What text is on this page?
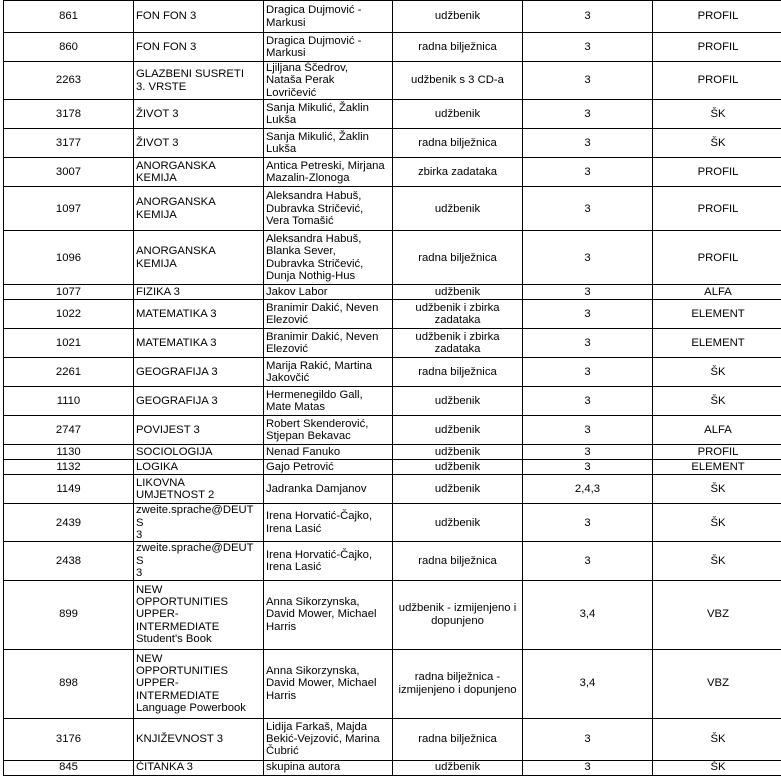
861	FON FON 3	Dragica Dujmović -
Markusi	udžbenik	3	PROFIL
860	FON FON 3	Dragica Dujmović -
Markusi	radna bilježnica	3	PROFIL
2263	GLAZBENI SUSRETI
3. VRSTE	Ljiljana Ščedrov,
Nataša Perak
Lovričević	udžbenik s 3 CD-a	3	PROFIL
3178	ŽIVOT 3	Sanja Mikulić, Žaklin
Lukša	udžbenik	3	ŠK
3177	ŽIVOT 3	Sanja Mikulić, Žaklin
Lukša	radna bilježnica	3	ŠK
3007	ANORGANSKA
KEMIJA	Antica Petreski, Mirjana
Mazalin-Zlonoga	zbirka zadataka	3	PROFIL
1097	ANORGANSKA
KEMIJA	Aleksandra Habuš,
Dubravka Stričević,
Vera Tomašić	udžbenik	3	PROFIL
1096	ANORGANSKA
KEMIJA	Aleksandra Habuš,
Blanka Sever,
Dubravka Stričević,
Dunja Nothig-Hus	radna bilježnica	3	PROFIL
1077	FIZIKA 3	Jakov Labor	udžbenik	3	ALFA
1022	MATEMATIKA 3	Branimir Dakić, Neven
Elezović	udžbenik i zbirka
zadataka	3	ELEMENT
1021	MATEMATIKA 3	Branimir Dakić, Neven
Elezović	udžbenik i zbirka
zadataka	3	ELEMENT
2261	GEOGRAFIJA 3	Marija Rakić, Martina
Jakovčić	radna bilježnica	3	ŠK
1110	GEOGRAFIJA 3	Hermenegildo Gall,
Mate Matas	udžbenik	3	ŠK
2747	POVIJEST 3	Robert Skenderović,
Stjepan Bekavac	udžbenik	3	ALFA
1130	SOCIOLOGIJA	Nenad Fanuko	udžbenik	3	PROFIL
1132	LOGIKA	Gajo Petrović	udžbenik	3	ELEMENT
1149	LIKOVNA
UMJETNOST 2	Jadranka Damjanov	udžbenik	2,4,3	ŠK
2439	zweite.sprache@DEUTS
3	Irena Horvatić-Čajko,
Irena Lasić	udžbenik	3	ŠK
2438	zweite.sprache@DEUTS
3	Irena Horvatić-Čajko,
Irena Lasić	radna bilježnica	3	ŠK
899	NEW
OPPORTUNITIES
UPPER-
INTERMEDIATE
Student's Book	Anna Sikorzynska,
David Mower, Michael
Harris	udžbenik - izmijenjeno i
dopunjeno	3,4	VBZ
898	NEW
OPPORTUNITIES
UPPER-
INTERMEDIATE
Language Powerbook	Anna Sikorzynska,
David Mower, Michael
Harris	radna bilježnica -
izmijenjeno i dopunjeno	3,4	VBZ
3176	KNJIŽEVNOST 3	Lidija Farkaš, Majda
Bekić-Vejzović, Marina
Čubrić	radna bilježnica	3	ŠK
845	ČITANKA 3	skupina autora	udžbenik	3	ŠK
